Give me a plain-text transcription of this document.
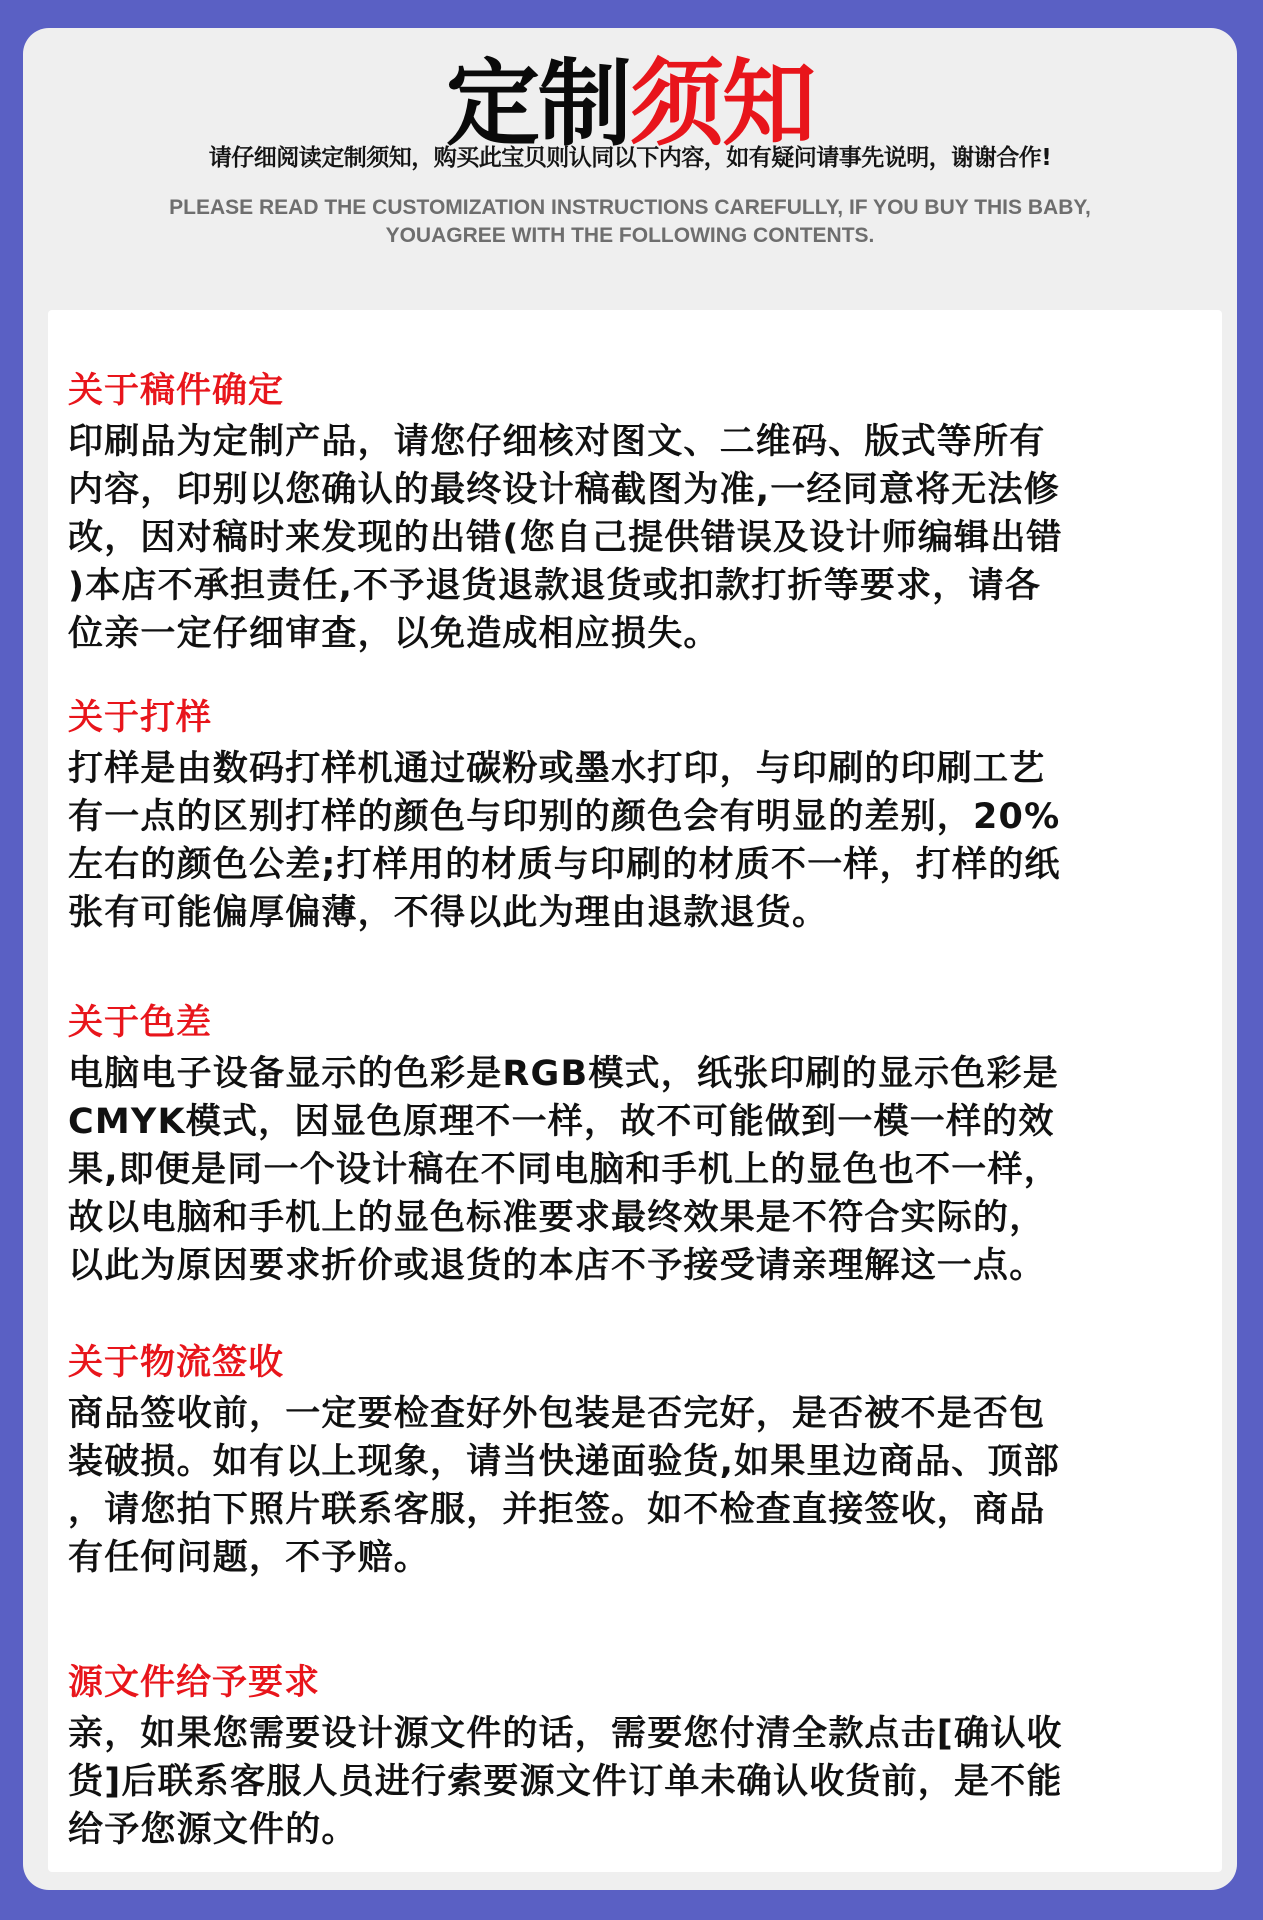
定制须知
请仔细阅读定制须知，购买此宝贝则认同以下内容，如有疑问请事先说明，谢谢合作!
PLEASE READ THE CUSTOMIZATION INSTRUCTIONS CAREFULLY, IF YOU BUY THIS BABY,
YOUAGREE WITH THE FOLLOWING CONTENTS.
关于稿件确定

印刷品为定制产品，请您仔细核对图文、二维码、版式等所有
内容，印别以您确认的最终设计稿截图为准,一经同意将无法修
改，因对稿时来发现的出错(您自己提供错误及设计师编辑出错
)本店不承担责任,不予退货退款退货或扣款打折等要求，请各
位亲一定仔细审查，以免造成相应损失。

关于打样

打样是由数码打样机通过碳粉或墨水打印，与印刷的印刷工艺
有一点的区别打样的颜色与印别的颜色会有明显的差别，20%
左右的颜色公差;打样用的材质与印刷的材质不一样，打样的纸
张有可能偏厚偏薄，不得以此为理由退款退货。

关于色差

电脑电子设备显示的色彩是RGB模式，纸张印刷的显示色彩是
CMYK模式，因显色原理不一样，故不可能做到一模一样的效
果,即便是同一个设计稿在不同电脑和手机上的显色也不一样，
故以电脑和手机上的显色标准要求最终效果是不符合实际的，
以此为原因要求折价或退货的本店不予接受请亲理解这一点。

关于物流签收

商品签收前，一定要检查好外包装是否完好，是否被不是否包
装破损。如有以上现象，请当快递面验货,如果里边商品、顶部
，请您拍下照片联系客服，并拒签。如不检查直接签收，商品
有任何问题，不予赔。

源文件给予要求

亲，如果您需要设计源文件的话，需要您付清全款点击[确认收
货]后联系客服人员进行索要源文件订单未确认收货前，是不能
给予您源文件的。
